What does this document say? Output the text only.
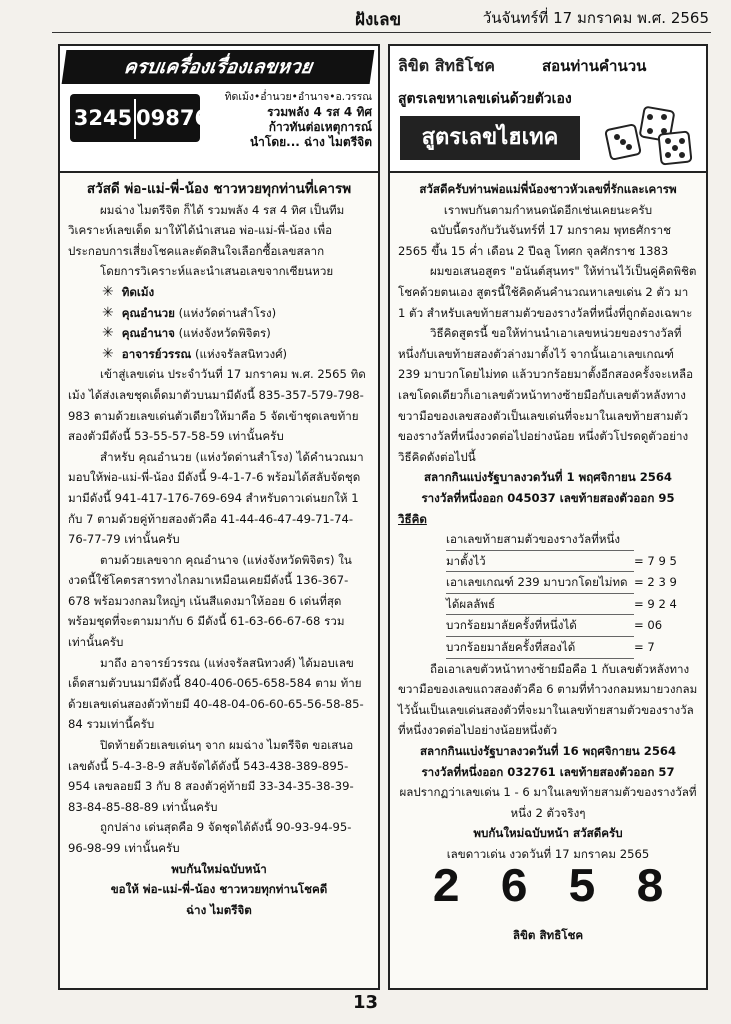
ฝังเลข	วันจันทร์ที่ 17 มกราคม พ.ศ. 2565
ครบเครื่องเรื่องเลขหวย
3245 09876
ทิดเม้ง•อ่ำนวย•อำนาจ•อ.วรรณ
รวมพลัง 4 รส 4 ทิศ
ก้าวทันต่อเหตุการณ์
นำโดย... ฉ่าง ไมตรีจิต

สวัสดี พ่อ-แม่-พี่-น้อง ชาวหวยทุกท่านที่เคารพ

ผมฉ่าง ไมตรีจิต ก็ได้ รวมพลัง 4 รส 4 ทิศ เป็นทีมวิเคราะห์เลขเด็ด มาให้ได้นำเสนอ พ่อ-แม่-พี่-น้อง เพื่อประกอบการเสี่ยงโชคและตัดสินใจเลือกซื้อเลขสลาก

โดยการวิเคราะห์และนำเสนอเลขจากเซียนหวย

✳ ทิดเม้ง

✳ คุณอำนวย (แห่งวัดด่านสำโรง)

✳ คุณอำนาจ (แห่งจังหวัดพิจิตร)

✳ อาจารย์วรรณ (แห่งจรัลสนิทวงศ์)

เข้าสู่เลขเด่น ประจำวันที่ 17 มกราคม พ.ศ. 2565 ทิดเม้ง ได้ส่งเลขชุดเด็ดมาตัวบนมามีดังนี้ 835-357-579-798-983 ตามด้วยเลขเด่นตัวเดียวให้มาคือ 5 จัดเข้าชุดเลขท้ายสองตัวมีดังนี้ 53-55-57-58-59 เท่านั้นครับ

สำหรับ คุณอำนวย (แห่งวัดด่านสำโรง) ได้คำนวณมามอบให้พ่อ-แม่-พี่-น้อง มีดังนี้ 9-4-1-7-6 พร้อมได้สลับจัดชุดมามีดังนี้ 941-417-176-769-694 สำหรับดาวเด่นยกให้ 1 กับ 7 ตามด้วยคู่ท้ายสองตัวคือ 41-44-46-47-49-71-74-76-77-79 เท่านั้นครับ

ตามด้วยเลขจาก คุณอำนาจ (แห่งจังหวัดพิจิตร) ในงวดนี้ใช้โคตรสารทางไกลมาเหมือนเคยมีดังนี้ 136-367-678 พร้อมวงกลมใหญ่ๆ เน้นสีแดงมาให้ออย 6 เด่นที่สุด พร้อมชุดที่จะตามมากับ 6 มีดังนี้ 61-63-66-67-68 รวมเท่านั้นครับ

มาถึง อาจารย์วรรณ (แห่งจรัลสนิทวงศ์) ได้มอบเลขเด็ดสามตัวบนมามีดังนี้ 840-406-065-658-584 ตาม ท้ายด้วยเลขเด่นสองตัวท้ายมี 40-48-04-06-60-65-56-58-85-84 รวมเท่านี้ครับ

ปิดท้ายด้วยเลขเด่นๆ จาก ผมฉ่าง ไมตรีจิต ขอเสนอเลขดังนี้ 5-4-3-8-9 สลับจัดได้ดังนี้ 543-438-389-895-954 เลขลอยมี 3 กับ 8 สองตัวคู่ท้ายมี 33-34-35-38-39-83-84-85-88-89 เท่านั้นครับ

ถูกปล่าง เด่นสุดคือ 9 จัดชุดได้ดังนี้ 90-93-94-95-96-98-99 เท่านั้นครับ

พบกันใหม่ฉบับหน้า

ขอให้ พ่อ-แม่-พี่-น้อง ชาวหวยทุกท่านโชคดี

ฉ่าง ไมตรีจิต

ลิขิต สิทธิโชค	สอนท่านคำนวน
สูตรเลขหาเลขเด่นด้วยตัวเอง
สูตรเลขไฮเทค

สวัสดีครับท่านพ่อแม่พี่น้องชาวหัวเลขที่รักและเคารพ

เราพบกันตามกำหนดนัดอีกเช่นเคยนะครับ

ฉบับนี้ตรงกับวันจันทร์ที่ 17 มกราคม พุทธศักราช 2565 ขึ้น 15 ค่ำ เดือน 2 ปีฉลู โทศก จุลศักราช 1383

ผมขอเสนอสูตร "อนันต์สุนทร" ให้ท่านไว้เป็นคู่คิดพิชิตโชคด้วยตนเอง สูตรนี้ใช้คิดค้นคำนวณหาเลขเด่น 2 ตัว มา 1 ตัว สำหรับเลขท้ายสามตัวของรางวัลที่หนึ่งที่ถูกต้องเฉพาะ

วิธีคิดสูตรนี้ ขอให้ท่านนำเอาเลขหน่วยของรางวัลที่หนึ่งกับเลขท้ายสองตัวล่างมาตั้งไว้ จากนั้นเอาเลขเกณฑ์ 239 มาบวกโดยไม่ทด แล้วบวกร้อยมาตั้งอีกสองครั้งจะเหลือเลขโดดเดียวก็เอาเลขตัวหน้าทางซ้ายมือกับเลขตัวหลังทางขวามือของเลขสองตัวเป็นเลขเด่นที่จะมาในเลขท้ายสามตัวของรางวัลที่หนึ่งงวดต่อไปอย่างน้อย หนึ่งตัวโปรดดูตัวอย่างวิธีคิดดังต่อไปนี้

สลากกินแบ่งรัฐบาลงวดวันที่ 1 พฤศจิกายน 2564

รางวัลที่หนึ่งออก 045037 เลขท้ายสองตัวออก 95

วิธีคิด

เอาเลขท้ายสามตัวของรางวัลที่หนึ่ง
มาตั้งไว้	= 7 9 5
เอาเลขเกณฑ์ 239 มาบวกโดยไม่ทด = 2 3 9
ได้ผลลัพธ์	= 9 2 4
บวกร้อยมาลัยครั้งที่หนึ่งได้	= 06
บวกร้อยมาลัยครั้งที่สองได้	= 7

ถือเอาเลขตัวหน้าทางซ้ายมือคือ 1 กับเลขตัวหลังทางขวามือของเลขแถวสองตัวคือ 6 ตามที่ทำวงกลมหมายวงกลมไว้นั้นเป็นเลขเด่นสองตัวที่จะมาในเลขท้ายสามตัวของรางวัลที่หนึ่งงวดต่อไปอย่างน้อยหนึ่งตัว

สลากกินแบ่งรัฐบาลงวดวันที่ 16 พฤศจิกายน 2564

รางวัลที่หนึ่งออก 032761 เลขท้ายสองตัวออก 57

ผลปรากฏว่าเลขเด่น 1 - 6 มาในเลขท้ายสามตัวของรางวัลที่หนึ่ง 2 ตัวจริงๆ

พบกันใหม่ฉบับหน้า สวัสดีครับ

เลขดาวเด่น งวดวันที่ 17 มกราคม 2565

2 6 5 8

ลิขิต สิทธิโชค

13
